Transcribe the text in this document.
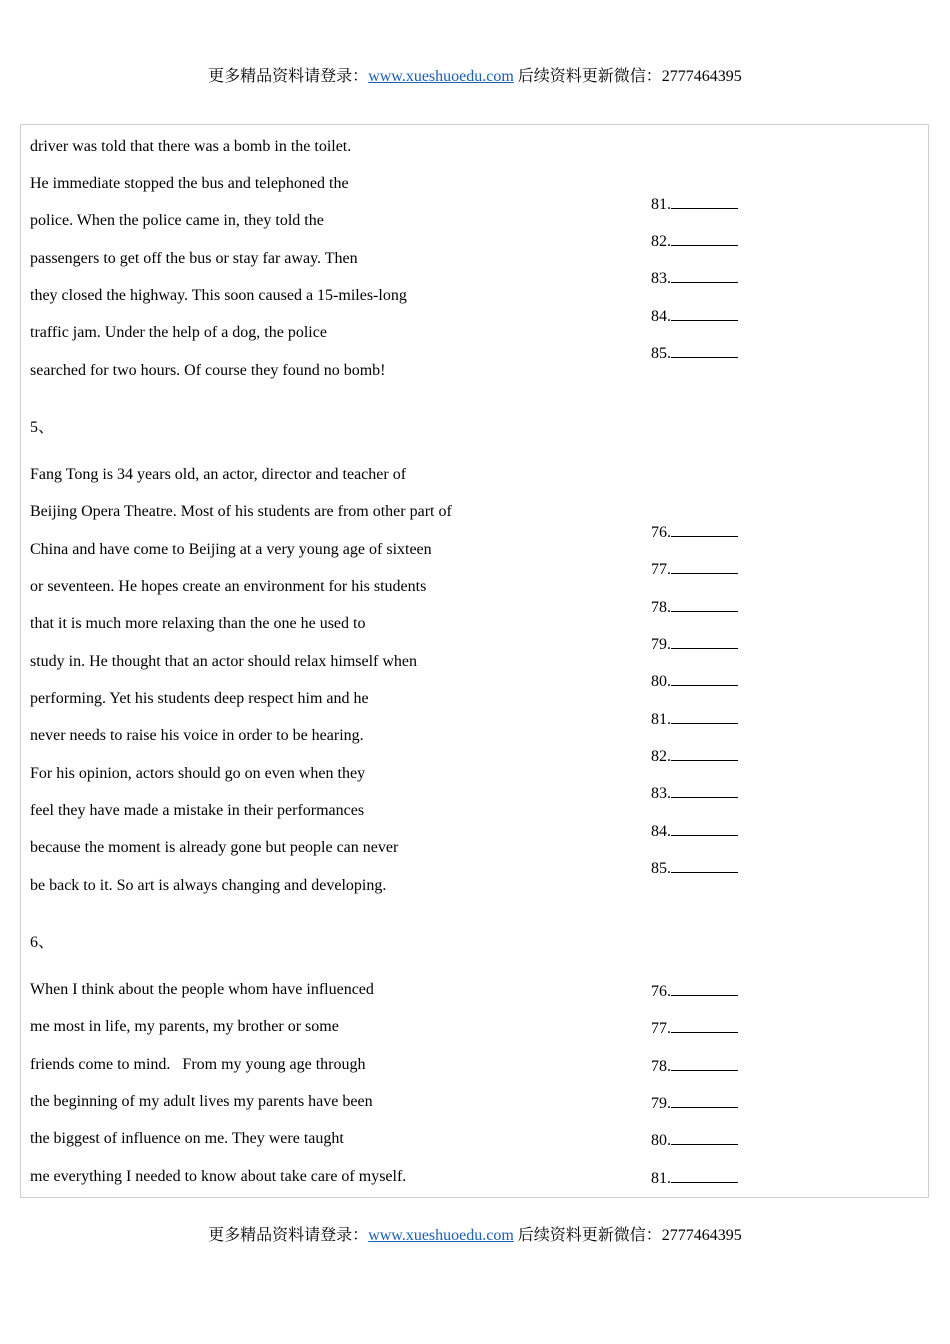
更多精品资料请登录：www.xueshuoedu.com 后续资料更新微信：2777464395
driver was told that there was a bomb in the toilet.
He immediate stopped the bus and telephoned the
police. When the police came in, they told the
passengers to get off the bus or stay far away. Then
they closed the highway. This soon caused a 15-miles-long
traffic jam. Under the help of a dog, the police
searched for two hours. Of course they found no bomb!
81.
82.
83.
84.
85.
5、
Fang Tong is 34 years old, an actor, director and teacher of
Beijing Opera Theatre. Most of his students are from other part of
China and have come to Beijing at a very young age of sixteen
or seventeen. He hopes create an environment for his students
that it is much more relaxing than the one he used to
study in. He thought that an actor should relax himself when
performing. Yet his students deep respect him and he
never needs to raise his voice in order to be hearing.
For his opinion, actors should go on even when they
feel they have made a mistake in their performances
because the moment is already gone but people can never
be back to it. So art is always changing and developing.
76.
77.
78.
79.
80.
81.
82.
83.
84.
85.
6、
When I think about the people whom have influenced
me most in life, my parents, my brother or some
friends come to mind.   From my young age through
the beginning of my adult lives my parents have been
the biggest of influence on me. They were taught
me everything I needed to know about take care of myself.
76.
77.
78.
79.
80.
81.
更多精品资料请登录：www.xueshuoedu.com 后续资料更新微信：2777464395
